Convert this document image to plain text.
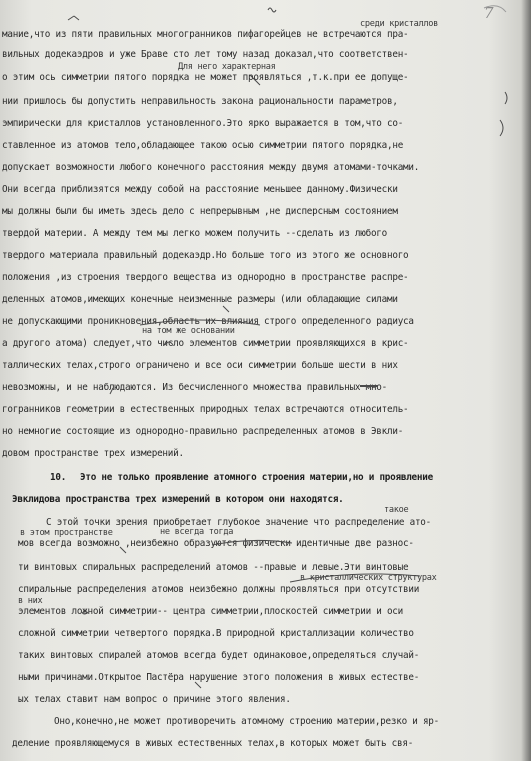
7
мание,что из пяти правильных многогранников пифагорейцев не встречаются пра-
вильных додекаэдров и уже Браве сто лет тому назад доказал,что соответствен-
о этим ось симметрии пятого порядка не может проявляться ,т.к.при ее допуще-
нии пришлось бы допустить неправильность закона рациональности параметров,
эмпирически для кристаллов установленного.Это ярко выражается в том,что со-
ставленное из атомов тело,обладающее такою осью симметрии пятого порядка,не
допускает возможности любого конечного расстояния между двумя атомами-точками.
Они всегда приблизятся между собой на расстояние меньшее данному.Физически
мы должны были бы иметь здесь дело с непрерывным ,не дисперсным состоянием
твердой материи. А между тем мы легко можем получить --сделать из любого
твердого материала правильный додекаэдр.Но больше того из этого же основного
положения ,из строения твердого вещества из однородно в пространстве распре-
деленных атомов,имеющих конечные неизменные размеры (или обладающие силами
не допускающими проникновения,область их влияния строго определенного радиуса
а другого атома) следует,что число элементов симметрии проявляющихся в крис-
таллических телах,строго ограничено и все оси симметрии больше шести в них
невозможны, и не наблюдаются. Из бесчисленного множества правильных мно-
гогранников геометрии в естественных природных телах встречаются относитель-
но немногие состоящие из однородно-правильно распределенных атомов в Эвкли-
довом пространстве трех измерений.
10. Это не только проявление атомного строения материи,но и проявление
Эвклидова пространства трех измерений в котором они находятся.
С этой точки зрения приобретает глубокое значение что распределение ато-
мов всегда возможно ,неизбежно образуются физически идентичные две разнос-
ти винтовых спиральных распределений атомов --правые и левые.Эти винтовые
спиральные распределения атомов неизбежно должны проявляться при отсутствии
элементов ложной симметрии-- центра симметрии,плоскостей симметрии и оси
сложной симметрии четвертого порядка.В природной кристаллизации количество
таких винтовых спиралей атомов всегда будет одинаковое,определяться случай-
ными причинами.Открытое Пастёра нарушение этого положения в живых естестве-
ых телах ставит нам вопрос о причине этого явления.
Оно,конечно,не может противоречить атомному строению материи,резко и яр-
деление проявляющемуся в живых естественных телах,в которых может быть свя-
среди кристаллов
Для него характерная
на том же основании
в этом пространстве	не всегда тогда
такое
в кристаллических структурах
в них
